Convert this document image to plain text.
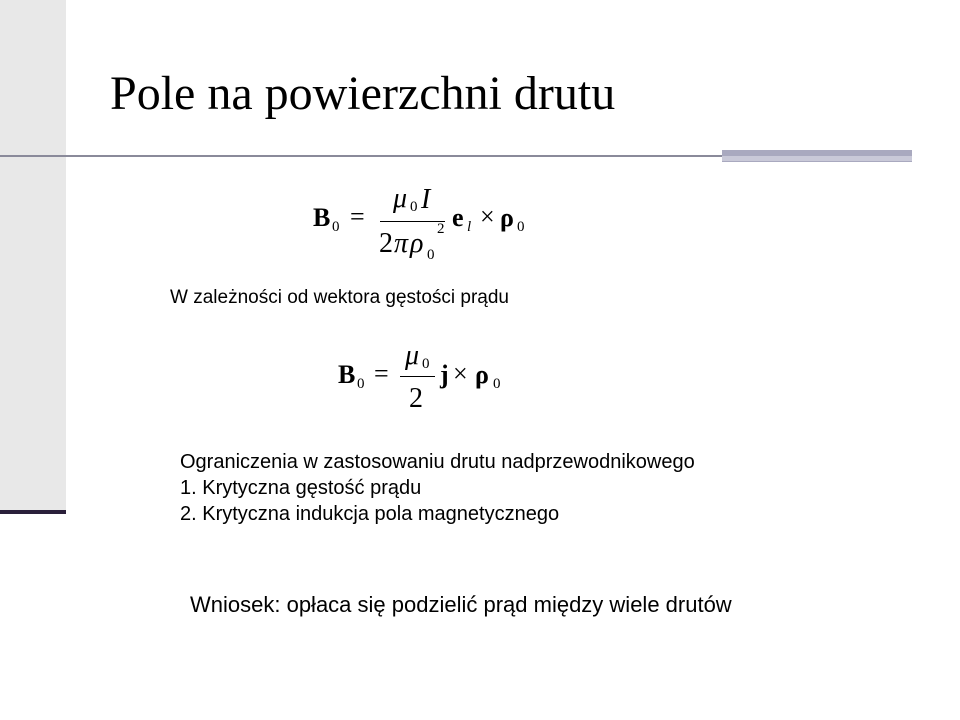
Pole na powierzchni drutu
B 0 =
μ 0 I
2 π ρ 0
2 e l × ρ 0
W zależności od wektora gęstości prądu
B 0 =
μ 0
2
j × ρ 0
Ograniczenia w zastosowaniu drutu nadprzewodnikowego
1. Krytyczna gęstość prądu
2. Krytyczna indukcja pola magnetycznego
Wniosek: opłaca się podzielić prąd między wiele drutów
